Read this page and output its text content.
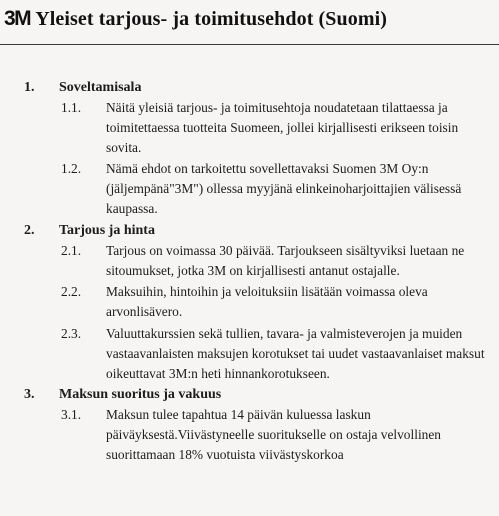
3M Yleiset tarjous- ja toimitusehdot (Suomi)
1. Soveltamisala
1.1. Näitä yleisiä tarjous- ja toimitusehtoja noudatetaan tilattaessa ja toimitettaessa tuotteita Suomeen, jollei kirjallisesti erikseen toisin sovita.
1.2. Nämä ehdot on tarkoitettu sovellettavaksi Suomen 3M Oy:n (jäljempänä"3M") ollessa myyjänä elinkeinoharjoittajien välisessä kaupassa.
2. Tarjous ja hinta
2.1. Tarjous on voimassa 30 päivää. Tarjoukseen sisältyviksi luetaan ne sitoumukset, jotka 3M on kirjallisesti antanut ostajalle.
2.2. Maksuihin, hintoihin ja veloituksiin lisätään voimassa oleva arvonlisävero.
2.3. Valuuttakurssien sekä tullien, tavara- ja valmisteverojen ja muiden vastaavanlaisten maksujen korotukset tai uudet vastaavanlaiset maksut oikeuttavat 3M:n heti hinnankorotukseen.
3. Maksun suoritus ja vakuus
3.1. Maksun tulee tapahtua 14 päivän kuluessa laskun päiväyksestä.Viivästyneelle suoritukselle on ostaja velvollinen suorittamaan 18% vuotuista viivästyskorkoa
